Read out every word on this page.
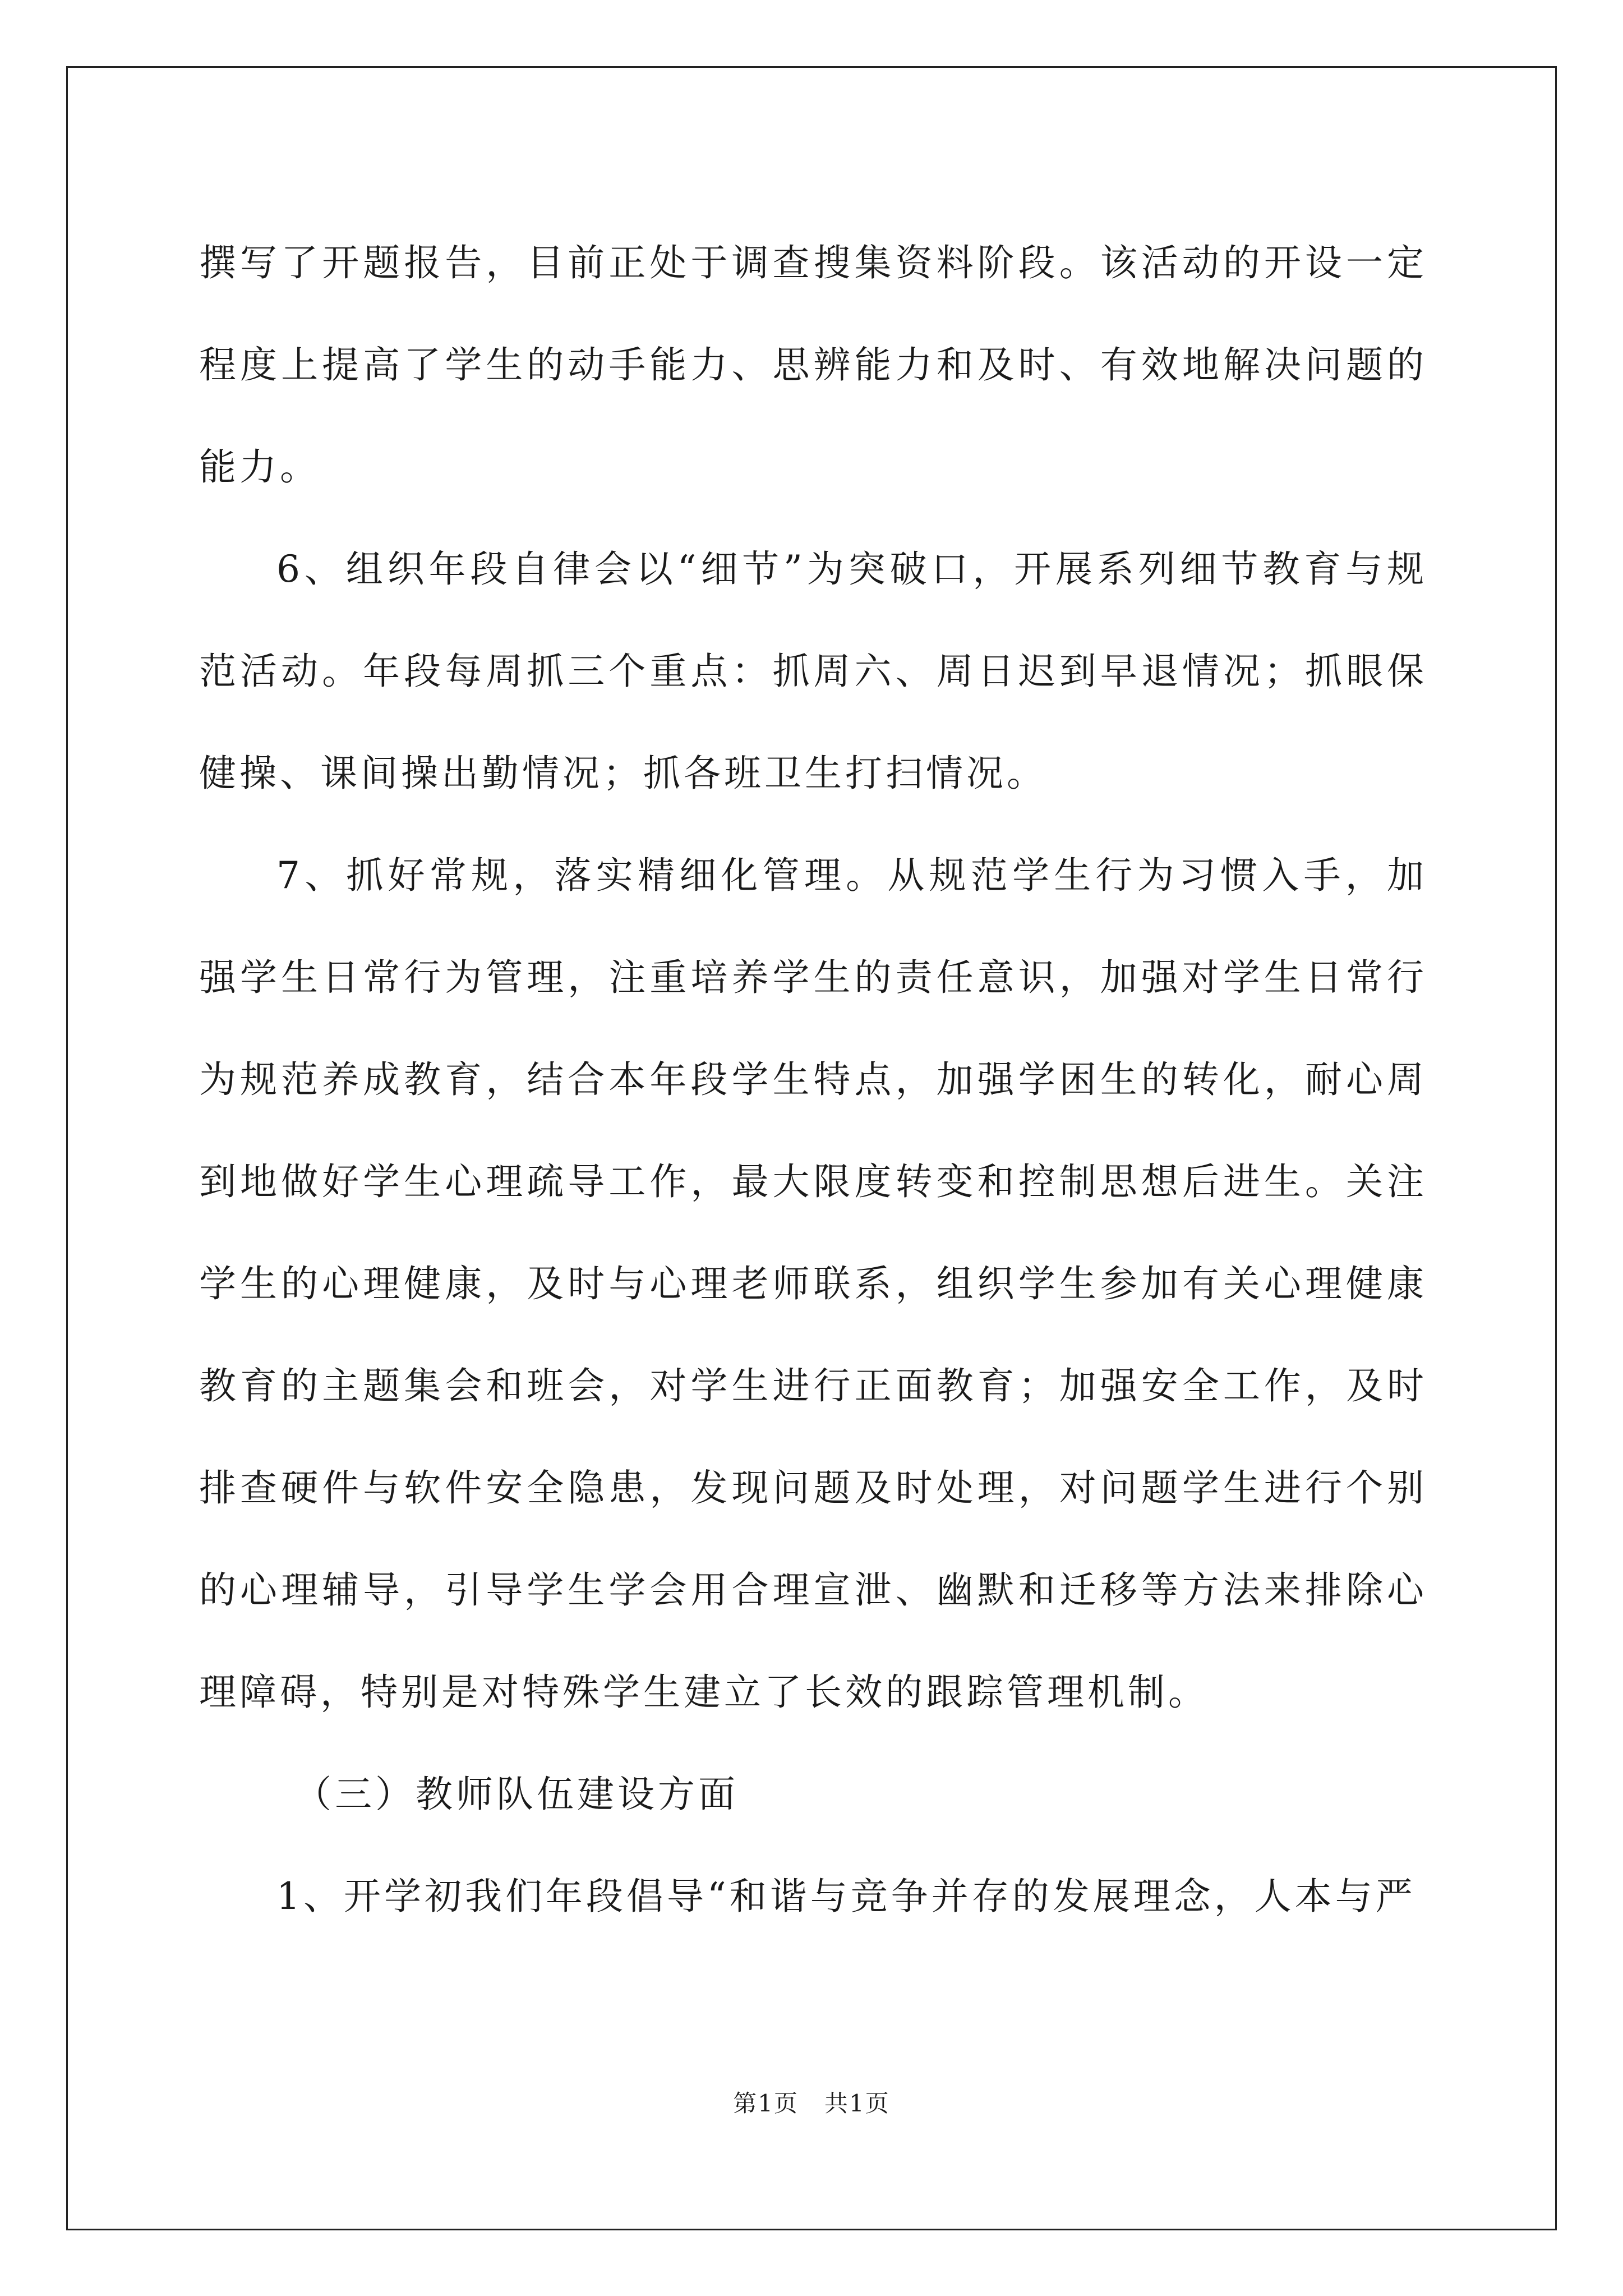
撰写了开题报告，目前正处于调查搜集资料阶段。该活动的开设一定程度上提高了学生的动手能力、思辨能力和及时、有效地解决问题的能力。

6、组织年段自律会以“细节”为突破口，开展系列细节教育与规范活动。年段每周抓三个重点：抓周六、周日迟到早退情况；抓眼保健操、课间操出勤情况；抓各班卫生打扫情况。

7、抓好常规，落实精细化管理。从规范学生行为习惯入手，加强学生日常行为管理，注重培养学生的责任意识，加强对学生日常行为规范养成教育，结合本年段学生特点，加强学困生的转化，耐心周到地做好学生心理疏导工作，最大限度转变和控制思想后进生。关注学生的心理健康，及时与心理老师联系，组织学生参加有关心理健康教育的主题集会和班会，对学生进行正面教育；加强安全工作，及时排查硬件与软件安全隐患，发现问题及时处理，对问题学生进行个别的心理辅导，引导学生学会用合理宣泄、幽默和迁移等方法来排除心理障碍，特别是对特殊学生建立了长效的跟踪管理机制。

（三）教师队伍建设方面

1、开学初我们年段倡导“和谐与竞争并存的发展理念，人本与严

第1页 共1页
